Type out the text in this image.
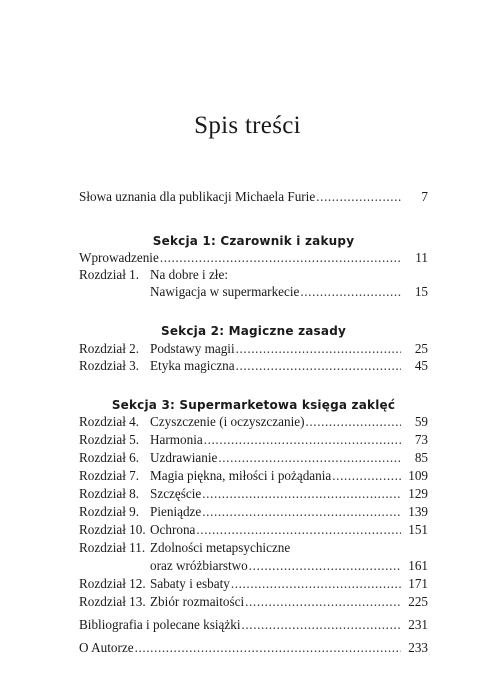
Spis treści
Słowa uznania dla publikacji Michaela Furie .....	7
Sekcja 1: Czarownik i zakupy
Wprowadzenie .....	11
Rozdział 1. Na dobre i złe:
Nawigacja w supermarkecie .....	15
Sekcja 2: Magiczne zasady
Rozdział 2. Podstawy magii .....	25
Rozdział 3. Etyka magiczna .....	45
Sekcja 3: Supermarketowa księga zaklęć
Rozdział 4. Czyszczenie (i oczyszczanie) .....	59
Rozdział 5. Harmonia .....	73
Rozdział 6. Uzdrawianie .....	85
Rozdział 7. Magia piękna, miłości i pożądania .....	109
Rozdział 8. Szczęście .....	129
Rozdział 9. Pieniądze .....	139
Rozdział 10. Ochrona .....	151
Rozdział 11. Zdolności metapsychiczne
oraz wróżbiarstwo .....	161
Rozdział 12. Sabaty i esbaty .....	171
Rozdział 13. Zbiór rozmaitości .....	225
Bibliografia i polecane książki .....	231
O Autorze .....	233
